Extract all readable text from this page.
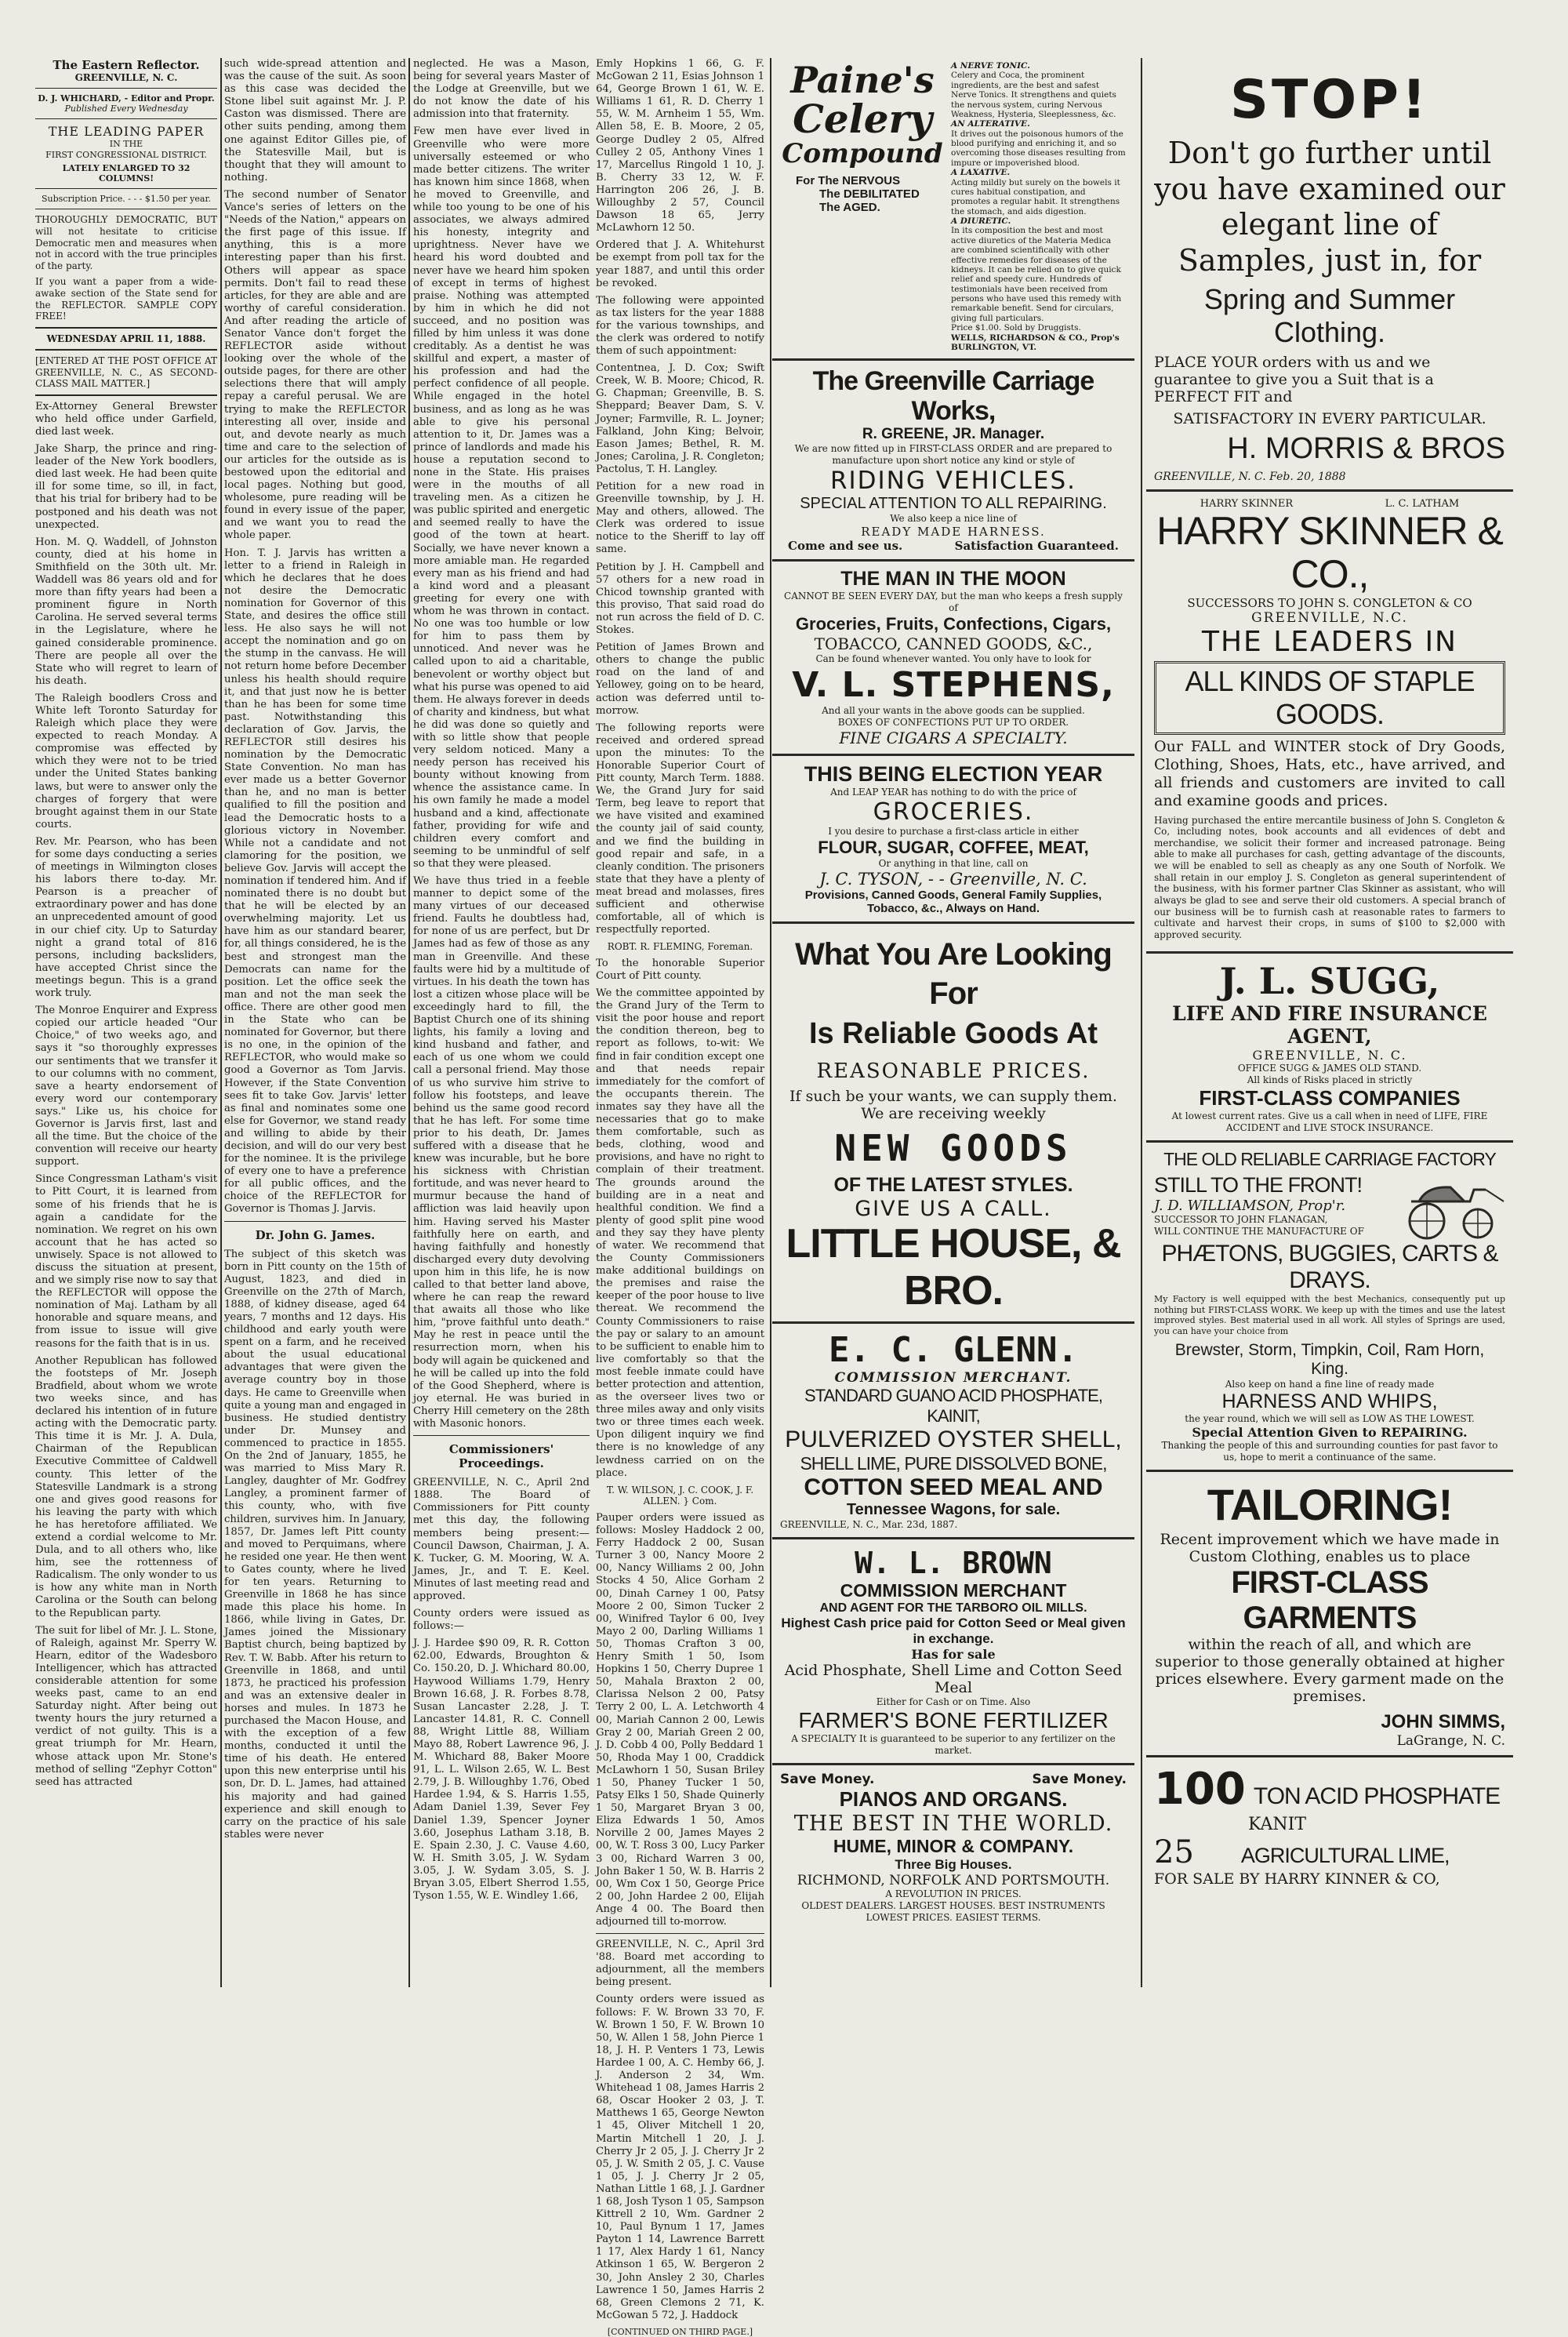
The Eastern Reflector.
GREENVILLE, N. C.
D. J. WHICHARD, - Editor and Propr.
Published Every Wednesday
THE LEADING PAPER
IN THE
FIRST CONGRESSIONAL DISTRICT.
LATELY ENLARGED TO 32 COLUMNS!
Subscription Price. - - - $1.50 per year.

THOROUGHLY DEMOCRATIC, BUT will not hesitate to criticise Democratic men and measures when not in accord with the true principles of the party.

If you want a paper from a wide-awake section of the State send for the REFLECTOR. SAMPLE COPY FREE!

WEDNESDAY APRIL 11, 1888.

[ENTERED AT THE POST OFFICE AT GREENVILLE, N. C., AS SECOND-CLASS MAIL MATTER.]

Ex-Attorney General Brewster who held office under Garfield, died last week.

Jake Sharp, the prince and ring-leader of the New York boodlers, died last week. He had been quite ill for some time, so ill, in fact, that his trial for bribery had to be postponed and his death was not unexpected.

Hon. M. Q. Waddell, of Johnston county, died at his home in Smithfield on the 30th ult. Mr. Waddell was 86 years old and for more than fifty years had been a prominent figure in North Carolina. He served several terms in the Legislature, where he gained considerable prominence. There are people all over the State who will regret to learn of his death.

The Raleigh boodlers Cross and White left Toronto Saturday for Raleigh which place they were expected to reach Monday. A compromise was effected by which they were not to be tried under the United States banking laws, but were to answer only the charges of forgery that were brought against them in our State courts.

Rev. Mr. Pearson, who has been for some days conducting a series of meetings in Wilmington closes his labors there to-day. Mr. Pearson is a preacher of extraordinary power and has done an unprecedented amount of good in our chief city. Up to Saturday night a grand total of 816 persons, including backsliders, have accepted Christ since the meetings begun. This is a grand work truly.

The Monroe Enquirer and Express copied our article headed "Our Choice," of two weeks ago, and says it "so thoroughly expresses our sentiments that we transfer it to our columns with no comment, save a hearty endorsement of every word our contemporary says." Like us, his choice for Governor is Jarvis first, last and all the time. But the choice of the convention will receive our hearty support.

Since Congressman Latham's visit to Pitt Court, it is learned from some of his friends that he is again a candidate for the nomination. We regret on his own account that he has acted so unwisely. Space is not allowed to discuss the situation at present, and we simply rise now to say that the REFLECTOR will oppose the nomination of Maj. Latham by all honorable and square means, and from issue to issue will give reasons for the faith that is in us.

Another Republican has followed the footsteps of Mr. Joseph Bradfield, about whom we wrote two weeks since, and has declared his intention of in future acting with the Democratic party. This time it is Mr. J. A. Dula, Chairman of the Republican Executive Committee of Caldwell county. This letter of the Statesville Landmark is a strong one and gives good reasons for his leaving the party with which he has heretofore affiliated. We extend a cordial welcome to Mr. Dula, and to all others who, like him, see the rottenness of Radicalism. The only wonder to us is how any white man in North Carolina or the South can belong to the Republican party.

The suit for libel of Mr. J. L. Stone, of Raleigh, against Mr. Sperry W. Hearn, editor of the Wadesboro Intelligencer, which has attracted considerable attention for some weeks past, came to an end Saturday night. After being out twenty hours the jury returned a verdict of not guilty. This is a great triumph for Mr. Hearn, whose attack upon Mr. Stone's method of selling "Zephyr Cotton" seed has attracted

such wide-spread attention and was the cause of the suit. As soon as this case was decided the Stone libel suit against Mr. J. P. Caston was dismissed. There are other suits pending, among them one against Editor Gilles pie, of the Statesville Mail, but is thought that they will amount to nothing.

The second number of Senator Vance's series of letters on the "Needs of the Nation," appears on the first page of this issue. If anything, this is a more interesting paper than his first. Others will appear as space permits. Don't fail to read these articles, for they are able and are worthy of careful consideration. And after reading the article of Senator Vance don't forget the REFLECTOR aside without looking over the whole of the outside pages, for there are other selections there that will amply repay a careful perusal. We are trying to make the REFLECTOR interesting all over, inside and out, and devote nearly as much time and care to the selection of our articles for the outside as is bestowed upon the editorial and local pages. Nothing but good, wholesome, pure reading will be found in every issue of the paper, and we want you to read the whole paper.

Hon. T. J. Jarvis has written a letter to a friend in Raleigh in which he declares that he does not desire the Democratic nomination for Governor of this State, and desires the office still less. He also says he will not accept the nomination and go on the stump in the canvass. He will not return home before December unless his health should require it, and that just now he is better than he has been for some time past. Notwithstanding this declaration of Gov. Jarvis, the REFLECTOR still desires his nomination by the Democratic State Convention. No man has ever made us a better Governor than he, and no man is better qualified to fill the position and lead the Democratic hosts to a glorious victory in November. While not a candidate and not clamoring for the position, we believe Gov. Jarvis will accept the nomination if tendered him. And if nominated there is no doubt but that he will be elected by an overwhelming majority. Let us have him as our standard bearer, for, all things considered, he is the best and strongest man the Democrats can name for the position. Let the office seek the man and not the man seek the office. There are other good men in the State who can be nominated for Governor, but there is no one, in the opinion of the REFLECTOR, who would make so good a Governor as Tom Jarvis. However, if the State Convention sees fit to take Gov. Jarvis' letter as final and nominates some one else for Governor, we stand ready and willing to abide by their decision, and will do our very best for the nominee. It is the privilege of every one to have a preference for all public offices, and the choice of the REFLECTOR for Governor is Thomas J. Jarvis.

Dr. John G. James.

The subject of this sketch was born in Pitt county on the 15th of August, 1823, and died in Greenville on the 27th of March, 1888, of kidney disease, aged 64 years, 7 months and 12 days. His childhood and early youth were spent on a farm, and he received about the usual educational advantages that were given the average country boy in those days. He came to Greenville when quite a young man and engaged in business. He studied dentistry under Dr. Munsey and commenced to practice in 1855. On the 2nd of January, 1855, he was married to Miss Mary R. Langley, daughter of Mr. Godfrey Langley, a prominent farmer of this county, who, with five children, survives him. In January, 1857, Dr. James left Pitt county and moved to Perquimans, where he resided one year. He then went to Gates county, where he lived for ten years. Returning to Greenville in 1868 he has since made this place his home. In 1866, while living in Gates, Dr. James joined the Missionary Baptist church, being baptized by Rev. T. W. Babb. After his return to Greenville in 1868, and until 1873, he practiced his profession and was an extensive dealer in horses and mules. In 1873 he purchased the Macon House, and with the exception of a few months, conducted it until the time of his death. He entered upon this new enterprise until his son, Dr. D. L. James, had attained his majority and had gained experience and skill enough to carry on the practice of his sale stables were never

neglected. He was a Mason, being for several years Master of the Lodge at Greenville, but we do not know the date of his admission into that fraternity.

Few men have ever lived in Greenville who were more universally esteemed or who made better citizens. The writer has known him since 1868, when he moved to Greenville, and while too young to be one of his associates, we always admired his honesty, integrity and uprightness. Never have we heard his word doubted and never have we heard him spoken of except in terms of highest praise. Nothing was attempted by him in which he did not succeed, and no position was filled by him unless it was done creditably. As a dentist he was skillful and expert, a master of his profession and had the perfect confidence of all people. While engaged in the hotel business, and as long as he was able to give his personal attention to it, Dr. James was a prince of landlords and made his house a reputation second to none in the State. His praises were in the mouths of all traveling men. As a citizen he was public spirited and energetic and seemed really to have the good of the town at heart. Socially, we have never known a more amiable man. He regarded every man as his friend and had a kind word and a pleasant greeting for every one with whom he was thrown in contact. No one was too humble or low for him to pass them by unnoticed. And never was he called upon to aid a charitable, benevolent or worthy object but what his purse was opened to aid them. He always forever in deeds of charity and kindness, but what he did was done so quietly and with so little show that people very seldom noticed. Many a needy person has received his bounty without knowing from whence the assistance came. In his own family he made a model husband and a kind, affectionate father, providing for wife and children every comfort and seeming to be unmindful of self so that they were pleased.

We have thus tried in a feeble manner to depict some of the many virtues of our deceased friend. Faults he doubtless had, for none of us are perfect, but Dr James had as few of those as any man in Greenville. And these faults were hid by a multitude of virtues. In his death the town has lost a citizen whose place will be exceedingly hard to fill, the Baptist Church one of its shining lights, his family a loving and kind husband and father, and each of us one whom we could call a personal friend. May those of us who survive him strive to follow his footsteps, and leave behind us the same good record that he has left. For some time prior to his death, Dr. James suffered with a disease that he knew was incurable, but he bore his sickness with Christian fortitude, and was never heard to murmur because the hand of affliction was laid heavily upon him. Having served his Master faithfully here on earth, and having faithfully and honestly discharged every duty devolving upon him in this life, he is now called to that better land above, where he can reap the reward that awaits all those who like him, "prove faithful unto death." May he rest in peace until the resurrection morn, when his body will again be quickened and he will be called up into the fold of the Good Shepherd, where is joy eternal. He was buried in Cherry Hill cemetery on the 28th with Masonic honors.

Commissioners' Proceedings.

GREENVILLE, N. C., April 2nd 1888. The Board of Commissioners for Pitt county met this day, the following members being present:—Council Dawson, Chairman, J. A. K. Tucker, G. M. Mooring, W. A. James, Jr., and T. E. Keel. Minutes of last meeting read and approved.

County orders were issued as follows:—

J. J. Hardee $90 09, R. R. Cotton 62.00, Edwards, Broughton & Co. 150.20, D. J. Whichard 80.00, Haywood Williams 1.79, Henry Brown 16.68, J. R. Forbes 8.78, Susan Lancaster 2.28, J. T. Lancaster 14.81, R. C. Connell 88, Wright Little 88, William Mayo 88, Robert Lawrence 96, J. M. Whichard 88, Baker Moore 91, L. L. Wilson 2.65, W. L. Best 2.79, J. B. Willoughby 1.76, Obed Hardee 1.94, & S. Harris 1.55, Adam Daniel 1.39, Sever Fey Daniel 1.39, Spencer Joyner 3.60, Josephus Latham 3.18, B. E. Spain 2.30, J. C. Vause 4.60, W. H. Smith 3.05, J. W. Sydam 3.05, J. W. Sydam 3.05, S. J. Bryan 3.05, Elbert Sherrod 1.55, Tyson 1.55, W. E. Windley 1.66,

Emly Hopkins 1 66, G. F. McGowan 2 11, Esias Johnson 1 64, George Brown 1 61, W. E. Williams 1 61, R. D. Cherry 1 55, W. M. Arnheim 1 55, Wm. Allen 58, E. B. Moore, 2 05, George Dudley 2 05, Alfred Culley 2 05, Anthony Vines 1 17, Marcellus Ringold 1 10, J. B. Cherry 33 12, W. F. Harrington 206 26, J. B. Willoughby 2 57, Council Dawson 18 65, Jerry McLawhorn 12 50.

Ordered that J. A. Whitehurst be exempt from poll tax for the year 1887, and until this order be revoked.

The following were appointed as tax listers for the year 1888 for the various townships, and the clerk was ordered to notify them of such appointment:

Contentnea, J. D. Cox; Swift Creek, W. B. Moore; Chicod, R. G. Chapman; Greenville, B. S. Sheppard; Beaver Dam, S. V. Joyner; Farmville, R. L. Joyner; Falkland, John King; Belvoir, Eason James; Bethel, R. M. Jones; Carolina, J. R. Congleton; Pactolus, T. H. Langley.

Petition for a new road in Greenville township, by J. H. May and others, allowed. The Clerk was ordered to issue notice to the Sheriff to lay off same.

Petition by J. H. Campbell and 57 others for a new road in Chicod township granted with this proviso, That said road do not run across the field of D. C. Stokes.

Petition of James Brown and others to change the public road on the land of and Yellowey, going on to be heard, action was deferred until to-morrow.

The following reports were received and ordered spread upon the minutes: To the Honorable Superior Court of Pitt county, March Term. 1888. We, the Grand Jury for said Term, beg leave to report that we have visited and examined the county jail of said county, and we find the building in good repair and safe, in a cleanly condition. The prisoners state that they have a plenty of meat bread and molasses, fires sufficient and otherwise comfortable, all of which is respectfully reported.

ROBT. R. FLEMING, Foreman.

To the honorable Superior Court of Pitt county.

We the committee appointed by the Grand Jury of the Term to visit the poor house and report the condition thereon, beg to report as follows, to-wit: We find in fair condition except one and that needs repair immediately for the comfort of the occupants therein. The inmates say they have all the necessaries that go to make them comfortable, such as beds, clothing, wood and provisions, and have no right to complain of their treatment. The grounds around the building are in a neat and healthful condition. We find a plenty of good split pine wood and they say they have plenty of water. We recommend that the County Commissioners make additional buildings on the premises and raise the keeper of the poor house to live thereat. We recommend the County Commissioners to raise the pay or salary to an amount to be sufficient to enable him to live comfortably so that the most feeble inmate could have better protection and attention, as the overseer lives two or three miles away and only visits two or three times each week. Upon diligent inquiry we find there is no knowledge of any lewdness carried on on the place.

T. W. WILSON, J. C. COOK, J. F. ALLEN. } Com.

Pauper orders were issued as follows: Mosley Haddock 2 00, Ferry Haddock 2 00, Susan Turner 3 00, Nancy Moore 2 00, Nancy Williams 2 00, John Stocks 4 50, Alice Gorham 2 00, Dinah Carney 1 00, Patsy Moore 2 00, Simon Tucker 2 00, Winifred Taylor 6 00, Ivey Mayo 2 00, Darling Williams 1 50, Thomas Crafton 3 00, Henry Smith 1 50, Isom Hopkins 1 50, Cherry Dupree 1 50, Mahala Braxton 2 00, Clarissa Nelson 2 00, Patsy Terry 2 00, L. A. Letchworth 4 00, Mariah Cannon 2 00, Lewis Gray 2 00, Mariah Green 2 00, J. D. Cobb 4 00, Polly Beddard 1 50, Rhoda May 1 00, Craddick McLawhorn 1 50, Susan Briley 1 50, Phaney Tucker 1 50, Patsy Elks 1 50, Shade Quinerly 1 50, Margaret Bryan 3 00, Eliza Edwards 1 50, Amos Norville 2 00, James Mayes 2 00, W. T. Ross 3 00, Lucy Parker 3 00, Richard Warren 3 00, John Baker 1 50, W. B. Harris 2 00, Wm Cox 1 50, George Price 2 00, John Hardee 2 00, Elijah Ange 4 00. The Board then adjourned till to-morrow.

GREENVILLE, N. C., April 3rd '88. Board met according to adjournment, all the members being present.

County orders were issued as follows: F. W. Brown 33 70, F. W. Brown 1 50, F. W. Brown 10 50, W. Allen 1 58, John Pierce 1 18, J. H. P. Venters 1 73, Lewis Hardee 1 00, A. C. Hemby 66, J. J. Anderson 2 34, Wm. Whitehead 1 08, James Harris 2 68, Oscar Hooker 2 03, J. T. Matthews 1 65, George Newton 1 45, Oliver Mitchell 1 20, Martin Mitchell 1 20, J. J. Cherry Jr 2 05, J. J. Cherry Jr 2 05, J. W. Smith 2 05, J. C. Vause 1 05, J. J. Cherry Jr 2 05, Nathan Little 1 68, J. J. Gardner 1 68, Josh Tyson 1 05, Sampson Kittrell 2 10, Wm. Gardner 2 10, Paul Bynum 1 17, James Payton 1 14, Lawrence Barrett 1 17, Alex Hardy 1 61, Nancy Atkinson 1 65, W. Bergeron 2 30, John Ansley 2 30, Charles Lawrence 1 50, James Harris 2 68, Green Clemons 2 71, K. McGowan 5 72, J. Haddock

[CONTINUED ON THIRD PAGE.]

Paine's
Celery
Compound
For The NERVOUS
The DEBILITATED
The AGED.
A NERVE TONIC.
Celery and Coca, the prominent ingredients, are the best and safest Nerve Tonics. It strengthens and quiets the nervous system, curing Nervous Weakness, Hysteria, Sleeplessness, &c.
AN ALTERATIVE.
It drives out the poisonous humors of the blood purifying and enriching it, and so overcoming those diseases resulting from impure or impoverished blood.
A LAXATIVE.
Acting mildly but surely on the bowels it cures habitual constipation, and promotes a regular habit. It strengthens the stomach, and aids digestion.
A DIURETIC.
In its composition the best and most active diuretics of the Materia Medica are combined scientifically with other effective remedies for diseases of the kidneys. It can be relied on to give quick relief and speedy cure. Hundreds of testimonials have been received from persons who have used this remedy with remarkable benefit. Send for circulars, giving full particulars.
Price $1.00. Sold by Druggists.
WELLS, RICHARDSON & CO., Prop's BURLINGTON, VT.
The Greenville Carriage Works,
R. GREENE, JR. Manager.
We are now fitted up in FIRST-CLASS ORDER and are prepared to manufacture upon short notice any kind or style of
RIDING VEHICLES.
SPECIAL ATTENTION TO ALL REPAIRING.
We also keep a nice line of
READY MADE HARNESS.
Come and see us.	Satisfaction Guaranteed.
THE MAN IN THE MOON
CANNOT BE SEEN EVERY DAY, but the man who keeps a fresh supply of
Groceries, Fruits, Confections, Cigars,
TOBACCO, CANNED GOODS, &C.,
Can be found whenever wanted. You only have to look for
V. L. STEPHENS,
And all your wants in the above goods can be supplied.
BOXES OF CONFECTIONS PUT UP TO ORDER.
FINE CIGARS A SPECIALTY.
THIS BEING ELECTION YEAR
And LEAP YEAR has nothing to do with the price of
GROCERIES.
I you desire to purchase a first-class article in either
FLOUR, SUGAR, COFFEE, MEAT,
Or anything in that line, call on
J. C. TYSON, - - Greenville, N. C.
Provisions, Canned Goods, General Family Supplies, Tobacco, &c., Always on Hand.
What You Are Looking For
Is Reliable Goods At
REASONABLE PRICES.
If such be your wants, we can supply them. We are receiving weekly
NEW GOODS
OF THE LATEST STYLES.
GIVE US A CALL.
LITTLE HOUSE, & BRO.
E. C. GLENN.
COMMISSION MERCHANT.
STANDARD GUANO ACID PHOSPHATE, KAINIT,
PULVERIZED OYSTER SHELL,
SHELL LIME, PURE DISSOLVED BONE,
COTTON SEED MEAL AND
Tennessee Wagons, for sale.
GREENVILLE, N. C., Mar. 23d, 1887.
W. L. BROWN
COMMISSION MERCHANT
AND AGENT FOR THE TARBORO OIL MILLS.
Highest Cash price paid for Cotton Seed or Meal given in exchange.
Has for sale
Acid Phosphate, Shell Lime and Cotton Seed Meal
Either for Cash or on Time. Also
FARMER'S BONE FERTILIZER
A SPECIALTY It is guaranteed to be superior to any fertilizer on the market.
Save Money.	Save Money.
PIANOS AND ORGANS.
THE BEST IN THE WORLD.
HUME, MINOR & COMPANY.
Three Big Houses.
RICHMOND, NORFOLK AND PORTSMOUTH.
A REVOLUTION IN PRICES.
OLDEST DEALERS. LARGEST HOUSES. BEST INSTRUMENTS LOWEST PRICES. EASIEST TERMS.
STOP!
Don't go further until you have examined our elegant line of Samples, just in, for
Spring and Summer Clothing.
PLACE YOUR orders with us and we guarantee to give you a Suit that is a PERFECT FIT and
SATISFACTORY IN EVERY PARTICULAR.
H. MORRIS & BROS
GREENVILLE, N. C. Feb. 20, 1888
HARRY SKINNER	L. C. LATHAM
HARRY SKINNER & CO.,
SUCCESSORS TO JOHN S. CONGLETON & CO
GREENVILLE, N.C.
THE LEADERS IN
ALL KINDS OF STAPLE GOODS.

Our FALL and WINTER stock of Dry Goods, Clothing, Shoes, Hats, etc., have arrived, and all friends and customers are invited to call and examine goods and prices.

Having purchased the entire mercantile business of John S. Congleton & Co, including notes, book accounts and all evidences of debt and merchandise, we solicit their former and increased patronage. Being able to make all purchases for cash, getting advantage of the discounts, we will be enabled to sell as cheaply as any one South of Norfolk. We shall retain in our employ J. S. Congleton as general superintendent of the business, with his former partner Clas Skinner as assistant, who will always be glad to see and serve their old customers. A special branch of our business will be to furnish cash at reasonable rates to farmers to cultivate and harvest their crops, in sums of $100 to $2,000 with approved security.

J. L. SUGG,
LIFE AND FIRE INSURANCE AGENT,
GREENVILLE, N. C.
OFFICE SUGG & JAMES OLD STAND.
All kinds of Risks placed in strictly
FIRST-CLASS COMPANIES
At lowest current rates. Give us a call when in need of LIFE, FIRE ACCIDENT and LIVE STOCK INSURANCE.
THE OLD RELIABLE CARRIAGE FACTORY
STILL TO THE FRONT!
J. D. WILLIAMSON, Prop'r.
SUCCESSOR TO JOHN FLANAGAN,
WILL CONTINUE THE MANUFACTURE OF
PHÆTONS, BUGGIES, CARTS & DRAYS.

My Factory is well equipped with the best Mechanics, consequently put up nothing but FIRST-CLASS WORK. We keep up with the times and use the latest improved styles. Best material used in all work. All styles of Springs are used, you can have your choice from

Brewster, Storm, Timpkin, Coil, Ram Horn, King.
Also keep on hand a fine line of ready made
HARNESS AND WHIPS,
the year round, which we will sell as LOW AS THE LOWEST.
Special Attention Given to REPAIRING.
Thanking the people of this and surrounding counties for past favor to us, hope to merit a continuance of the same.
TAILORING!
Recent improvement which we have made in Custom Clothing, enables us to place
FIRST-CLASS GARMENTS
within the reach of all, and which are superior to those generally obtained at higher prices elsewhere. Every garment made on the premises.
JOHN SIMMS,
LaGrange, N. C.
100 TON ACID PHOSPHATE
KANIT
25 AGRICULTURAL LIME,
FOR SALE BY HARRY KINNER & CO,
